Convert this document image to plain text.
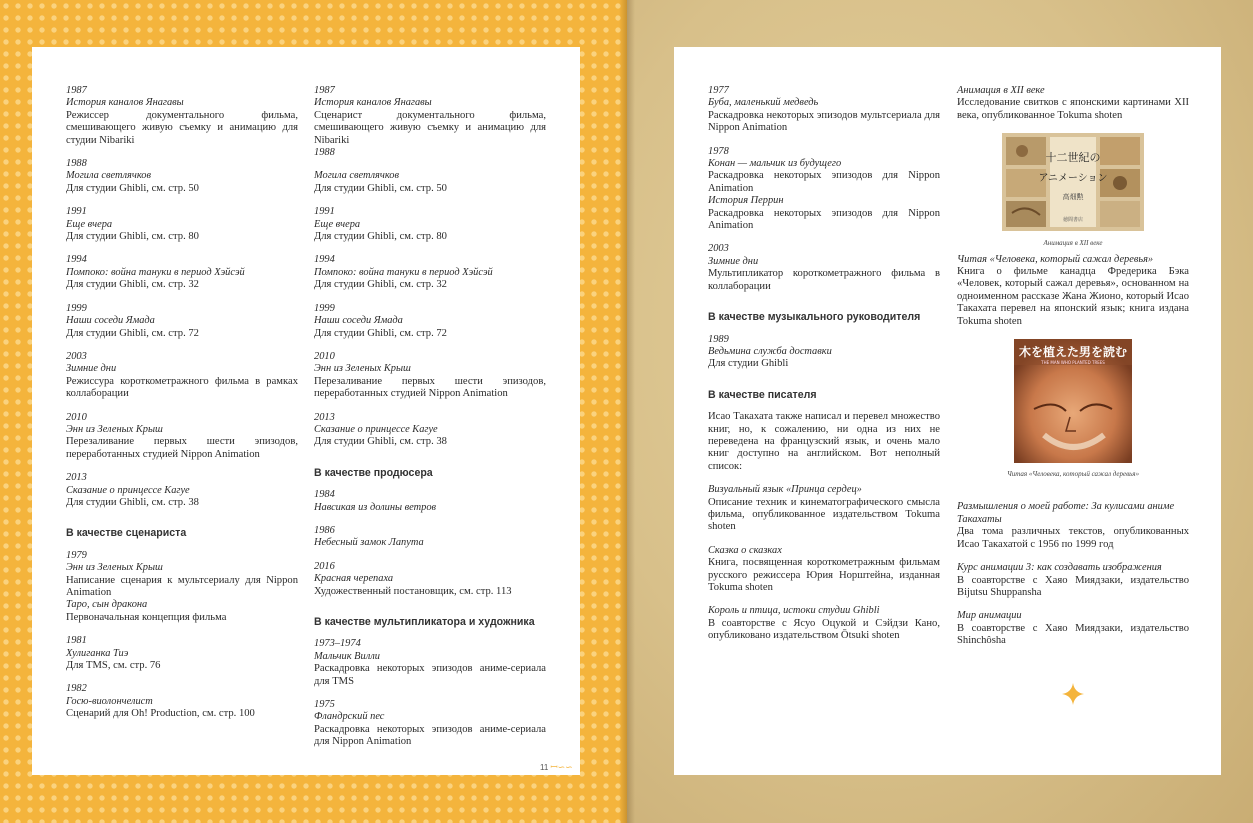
1987
История каналов Янагавы
Режиссер документального фильма, смешивающего живую съемку и анимацию для студии Nibariki
1988
Могила светлячков
Для студии Ghibli, см. стр. 50
1991
Еще вчера
Для студии Ghibli, см. стр. 80
1994
Помпоко: война тануки в период Хэйсэй
Для студии Ghibli, см. стр. 32
1999
Наши соседи Ямада
Для студии Ghibli, см. стр. 72
2003
Зимние дни
Режиссура короткометражного фильма в рамках коллаборации
2010
Энн из Зеленых Крыш
Перезаливание первых шести эпизодов, переработанных студией Nippon Animation
2013
Сказание о принцессе Кагуе
Для студии Ghibli, см. стр. 38
В качестве сценариста
1979
Энн из Зеленых Крыш
Написание сценария к мультсериалу для Nippon Animation
Таро, сын дракона
Первоначальная концепция фильма
1981
Хулиганка Тиэ
Для TMS, см. стр. 76
1982
Госю-виолончелист
Сценарий для Oh! Production, см. стр. 100
1987
История каналов Янагавы
Сценарист документального фильма, смешивающего живую съемку и анимацию для Nibariki
1988
Могила светлячков
Для студии Ghibli, см. стр. 50
1991
Еще вчера
Для студии Ghibli, см. стр. 80
1994
Помпоко: война тануки в период Хэйсэй
Для студии Ghibli, см. стр. 32
1999
Наши соседи Ямада
Для студии Ghibli, см. стр. 72
2010
Энн из Зеленых Крыш
Перезаливание первых шести эпизодов, переработанных студией Nippon Animation
2013
Сказание о принцессе Кагуе
Для студии Ghibli, см. стр. 38
В качестве продюсера
1984
Навсикая из долины ветров
1986
Небесный замок Лапута
2016
Красная черепаха
Художественный постановщик, см. стр. 113
В качестве мультипликатора и художника
1973–1974
Мальчик Вилли
Раскадровка некоторых эпизодов аниме-сериала для TMS
1975
Фландрский пес
Раскадровка некоторых эпизодов аниме-сериала для Nippon Animation
11 ꟷ∽∽
1977
Буба, маленький медведь
Раскадровка некоторых эпизодов мультсериала для Nippon Animation
1978
Конан — мальчик из будущего
Раскадровка некоторых эпизодов для Nippon Animation
История Перрин
Раскадровка некоторых эпизодов для Nippon Animation
2003
Зимние дни
Мультипликатор короткометражного фильма в коллаборации
В качестве музыкального руководителя
1989
Ведьмина служба доставки
Для студии Ghibli
В качестве писателя
Исао Такахата также написал и перевел множество книг, но, к сожалению, ни одна из них не переведена на французский язык, и очень мало книг доступно на английском. Вот неполный список:
Визуальный язык «Принца сердец»
Описание техник и кинематографического смысла фильма, опубликованное издательством Tokuma shoten
Сказка о сказках
Книга, посвященная короткометражным фильмам русского режиссера Юрия Норштейна, изданная Tokuma shoten
Король и птица, истоки студии Ghibli
В соавторстве с Ясуо Оцукой и Сэйдзи Кано, опубликовано издательством Ōtsuki shoten
Анимация в XII веке
Исследование свитков с японскими картинами XII века, опубликованное Tokuma shoten
十二世紀の
アニメーション
高畑勲
徳間書店
Анимация в XII веке
Читая «Человека, который сажал деревья»
Книга о фильме канадца Фредерика Бэка «Человек, который сажал деревья», основанном на одноименном рассказе Жана Жионо, который Исао Такахата перевел на японский язык; книга издана Tokuma shoten
木を植えた男を読む
THE MAN WHO PLANTED TREES
Читая «Человека, который сажал деревья»
Размышления о моей работе: За кулисами аниме Такахаты
Два тома различных текстов, опубликованных Исао Такахатой с 1956 по 1999 год
Курс анимации 3: как создавать изображения
В соавторстве с Хаяо Миядзаки, издательство Bijutsu Shuppansha
Мир анимации
В соавторстве с Хаяо Миядзаки, издательство Shinchôsha
